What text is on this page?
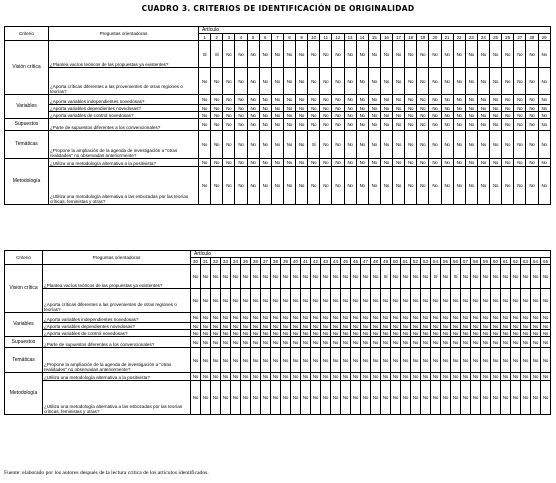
CUADRO 3. CRITERIOS DE IDENTIFICACIÓN DE ORIGINALIDAD
Criterio	Preguntas orientadoras	Artículo																												
		1	2	3	4	5	6	7	8	9	10	11	12	13	14	15	16	17	18	19	20	21	22	23	24	25	26	27	28	29
Visión crítica	¿Plantea vacíos teóricos de las propuestas ya existentes?	Sí	Sí	No	No	No	No	No	No	No	No	No	No	No	No	No	No	No	No	No	No	No	No	No	No	No	No	No	No	No
	¿Aporta críticas diferentes a las provenientes de otras regiones o teorías?	No	No	No	No	No	No	No	No	No	No	No	No	No	No	No	No	No	No	No	No	No	No	No	No	No	No	No	No	No
Variables	¿Aporta variables independientes novedosas?	No	No	No	No	No	No	No	No	No	No	No	No	No	No	No	No	No	No	No	No	No	No	No	No	No	No	No	No	No
	¿Aporta variables dependientes novedosas?	No	No	No	No	No	No	No	No	No	No	No	No	No	No	No	No	No	No	No	No	No	No	No	No	No	No	No	No	No
	¿Aporta variables de control novedosas?	No	No	No	No	No	No	No	No	No	No	No	No	No	No	No	No	No	No	No	No	No	No	No	No	No	No	No	No	No
Supuestos	¿Parte de supuestos diferentes a los convencionales?	No	No	No	No	No	No	No	No	No	No	No	No	No	No	No	No	No	No	No	No	No	No	No	No	No	No	No	No	No
Temáticas	¿Propone la ampliación de la agenda de investigación a "otras realidades" no observadas anteriormente?	No	No	No	No	No	No	No	No	No	Sí	No	No	No	No	No	No	No	No	No	No	No	No	No	No	No	No	No	No	No
Metodología	¿Utiliza una metodología alternativa a la positivista?	No	No	No	No	No	No	No	No	No	No	No	No	No	No	No	No	No	No	No	No	No	No	No	No	No	No	No	No	No
	¿Utiliza una metodología alternativa a las esbozadas por las teorías críticas, feministas y otras?	No	No	No	No	No	No	No	No	No	No	No	No	No	No	No	No	No	No	No	No	No	No	No	No	No	No	No	No	No
Criterio	Preguntas orientadoras	Artículo																																			
		30	31	32	33	34	35	36	37	38	39	40	41	42	43	44	45	46	47	48	49	50	51	52	53	54	55	56	57	58	59	60	61	62	63	64	65
Visión crítica	¿Plantea vacíos teóricos de las propuestas ya existentes?	No	No	No	No	No	No	No	No	No	No	No	No	No	No	No	No	No	No	No	Sí	No	No	No	No	Sí	No	Sí	No	No	No	No	No	No	No	No	No
	¿Aporta críticas diferentes a las provenientes de otras regiones o teorías?	No	No	No	No	No	No	No	No	No	No	No	No	No	No	No	No	No	No	No	No	No	No	No	No	No	No	No	No	No	No	No	No	No	No	No	No
Variables	¿Aporta variables independientes novedosas?	No	No	No	No	No	No	No	No	No	No	No	No	No	No	No	No	No	No	No	No	No	No	No	No	No	No	No	No	No	No	No	No	No	No	No	No
	¿Aporta variables dependientes novedosas?	No	No	No	No	No	No	No	No	No	No	No	No	No	No	No	No	No	No	No	No	No	No	No	No	No	No	No	No	No	No	No	No	No	No	No	No
	¿Aporta variables de control novedosas?	No	No	No	No	No	No	No	No	No	No	No	No	No	No	No	No	No	No	No	No	No	No	No	No	No	No	No	No	No	No	No	No	No	No	No	No
Supuestos	¿Parte de supuestos diferentes a los convencionales?	No	No	No	No	No	No	No	No	No	No	No	No	No	No	No	No	No	No	No	No	No	No	No	No	No	No	No	No	No	No	No	No	No	No	No	No
Temáticas	¿Propone la ampliación de la agenda de investigación a "otras realidades" no observadas anteriormente?	No	No	No	No	No	No	No	No	No	No	No	No	No	No	No	No	No	No	No	No	No	No	No	No	No	No	No	No	No	No	No	No	No	No	No	No
Metodología	¿Utiliza una metodología alternativa a la positivista?	No	No	No	No	No	No	No	No	No	No	No	No	No	No	No	No	No	No	No	No	No	No	No	No	No	No	No	No	No	No	No	No	No	No	No	No
	¿Utiliza una metodología alternativa a las esbozadas por las teorías críticas, feministas y otras?	No	No	No	No	No	No	No	No	No	No	No	No	No	No	No	No	No	No	No	No	No	No	No	No	No	No	No	No	No	No	No	No	No	No	No	No
Fuente: elaborado por los autores después de la lectura crítica de los artículos identificados.
